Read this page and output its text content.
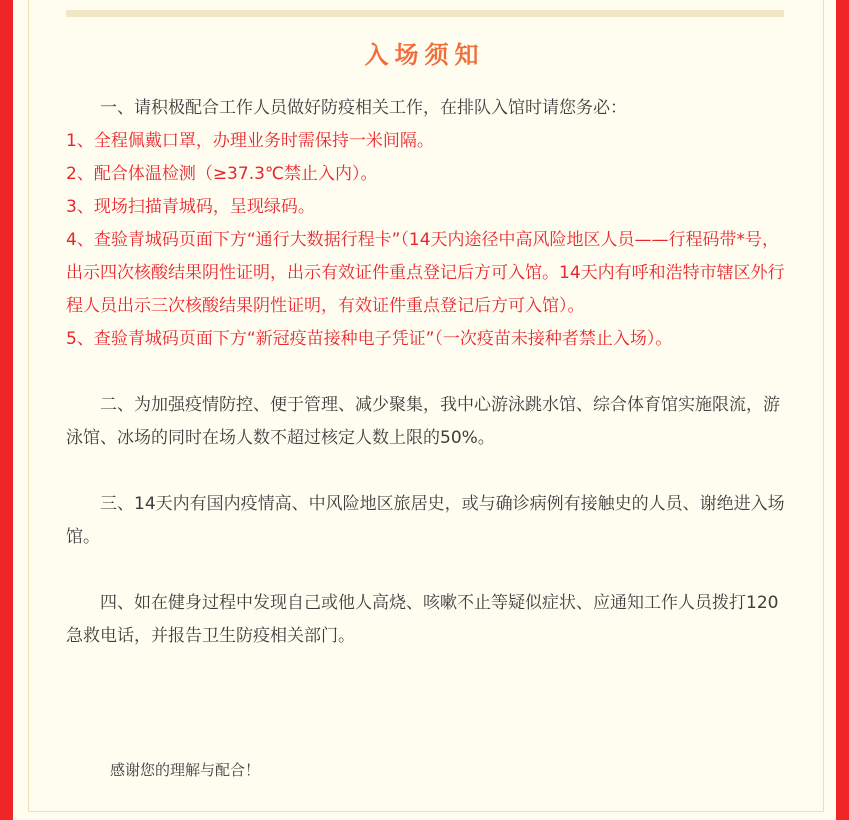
入场须知

一、请积极配合工作人员做好防疫相关工作，在排队入馆时请您务必：

1、全程佩戴口罩，办理业务时需保持一米间隔。

2、配合体温检测（≥37.3℃禁止入内）。

3、现场扫描青城码，呈现绿码。

4、查验青城码页面下方“通行大数据行程卡”（14天内途径中高风险地区人员——行程码带*号，出示四次核酸结果阴性证明，出示有效证件重点登记后方可入馆。14天内有呼和浩特市辖区外行程人员出示三次核酸结果阴性证明，有效证件重点登记后方可入馆）。

5、查验青城码页面下方“新冠疫苗接种电子凭证”（一次疫苗未接种者禁止入场）。

二、为加强疫情防控、便于管理、减少聚集，我中心游泳跳水馆、综合体育馆实施限流，游泳馆、冰场的同时在场人数不超过核定人数上限的50%。

三、14天内有国内疫情高、中风险地区旅居史，或与确诊病例有接触史的人员、谢绝进入场馆。

四、如在健身过程中发现自己或他人高烧、咳嗽不止等疑似症状、应通知工作人员拨打120急救电话，并报告卫生防疫相关部门。

感谢您的理解与配合！
